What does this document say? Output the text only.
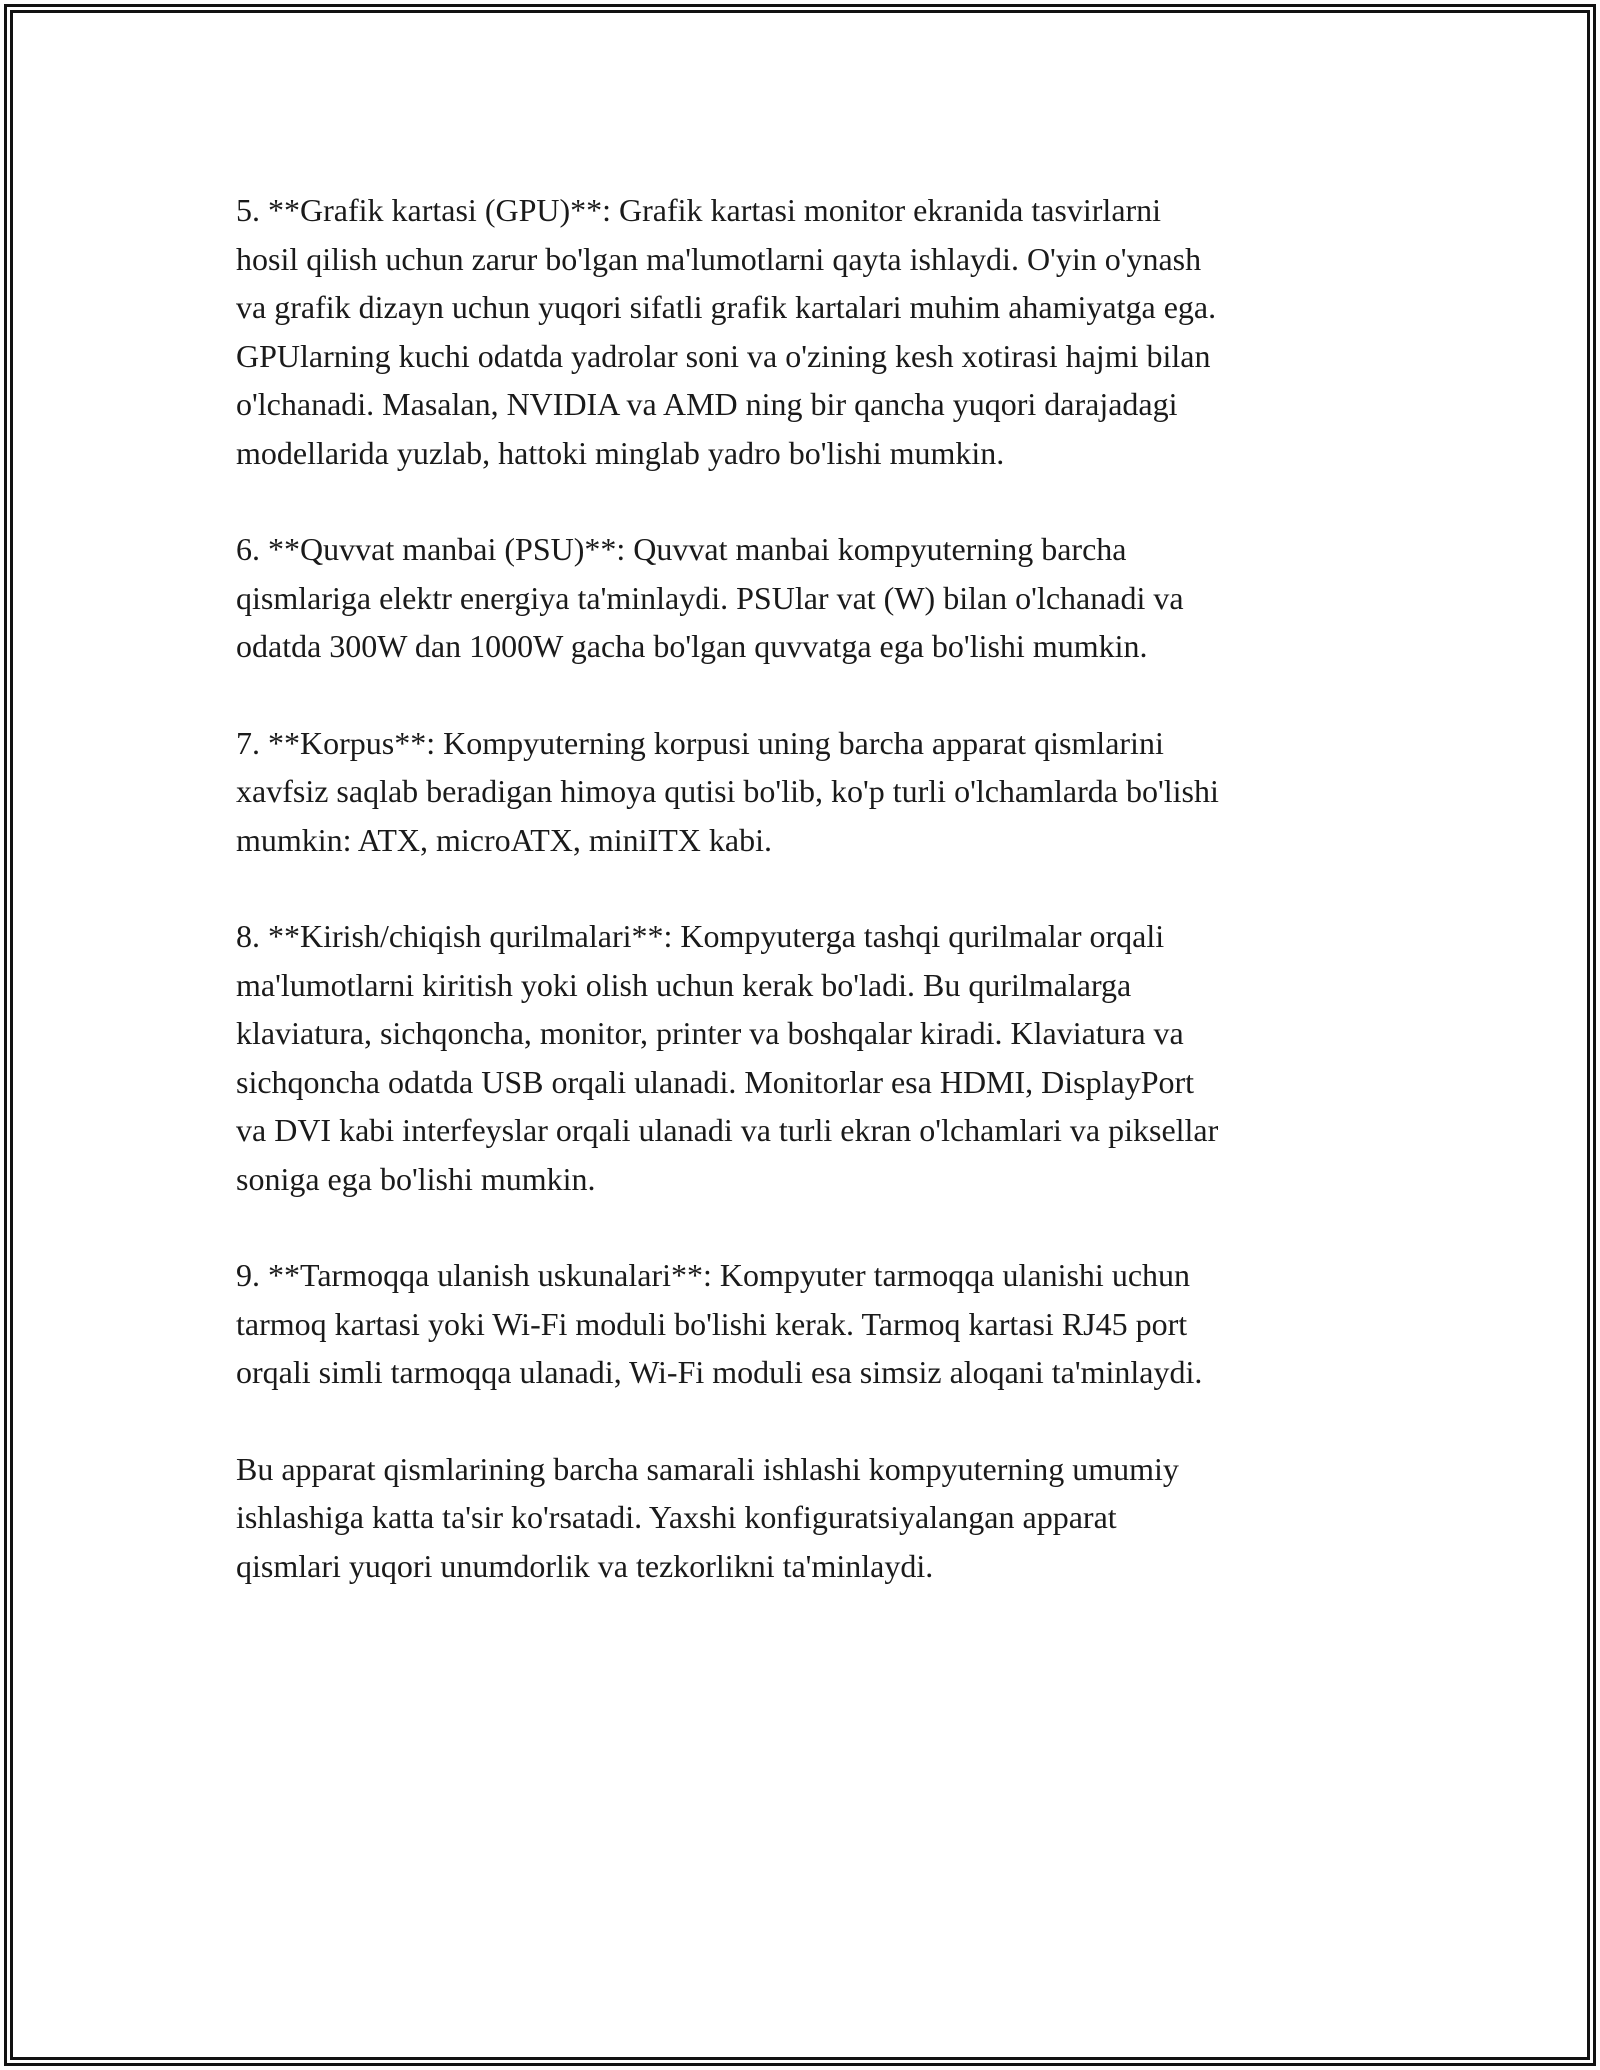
5. **Grafik kartasi (GPU)**: Grafik kartasi monitor ekranida tasvirlarni
hosil qilish uchun zarur bo'lgan ma'lumotlarni qayta ishlaydi. O'yin o'ynash
va grafik dizayn uchun yuqori sifatli grafik kartalari muhim ahamiyatga ega.
GPUlarning kuchi odatda yadrolar soni va o'zining kesh xotirasi hajmi bilan
o'lchanadi. Masalan, NVIDIA va AMD ning bir qancha yuqori darajadagi
modellarida yuzlab, hattoki minglab yadro bo'lishi mumkin.

6. **Quvvat manbai (PSU)**: Quvvat manbai kompyuterning barcha
qismlariga elektr energiya ta'minlaydi. PSUlar vat (W) bilan o'lchanadi va
odatda 300W dan 1000W gacha bo'lgan quvvatga ega bo'lishi mumkin.

7. **Korpus**: Kompyuterning korpusi uning barcha apparat qismlarini
xavfsiz saqlab beradigan himoya qutisi bo'lib, ko'p turli o'lchamlarda bo'lishi
mumkin: ATX, microATX, miniITX kabi.

8. **Kirish/chiqish qurilmalari**: Kompyuterga tashqi qurilmalar orqali
ma'lumotlarni kiritish yoki olish uchun kerak bo'ladi. Bu qurilmalarga
klaviatura, sichqoncha, monitor, printer va boshqalar kiradi. Klaviatura va
sichqoncha odatda USB orqali ulanadi. Monitorlar esa HDMI, DisplayPort
va DVI kabi interfeyslar orqali ulanadi va turli ekran o'lchamlari va piksellar
soniga ega bo'lishi mumkin.

9. **Tarmoqqa ulanish uskunalari**: Kompyuter tarmoqqa ulanishi uchun
tarmoq kartasi yoki Wi-Fi moduli bo'lishi kerak. Tarmoq kartasi RJ45 port
orqali simli tarmoqqa ulanadi, Wi-Fi moduli esa simsiz aloqani ta'minlaydi.

Bu apparat qismlarining barcha samarali ishlashi kompyuterning umumiy
ishlashiga katta ta'sir ko'rsatadi. Yaxshi konfiguratsiyalangan apparat
qismlari yuqori unumdorlik va tezkorlikni ta'minlaydi.
